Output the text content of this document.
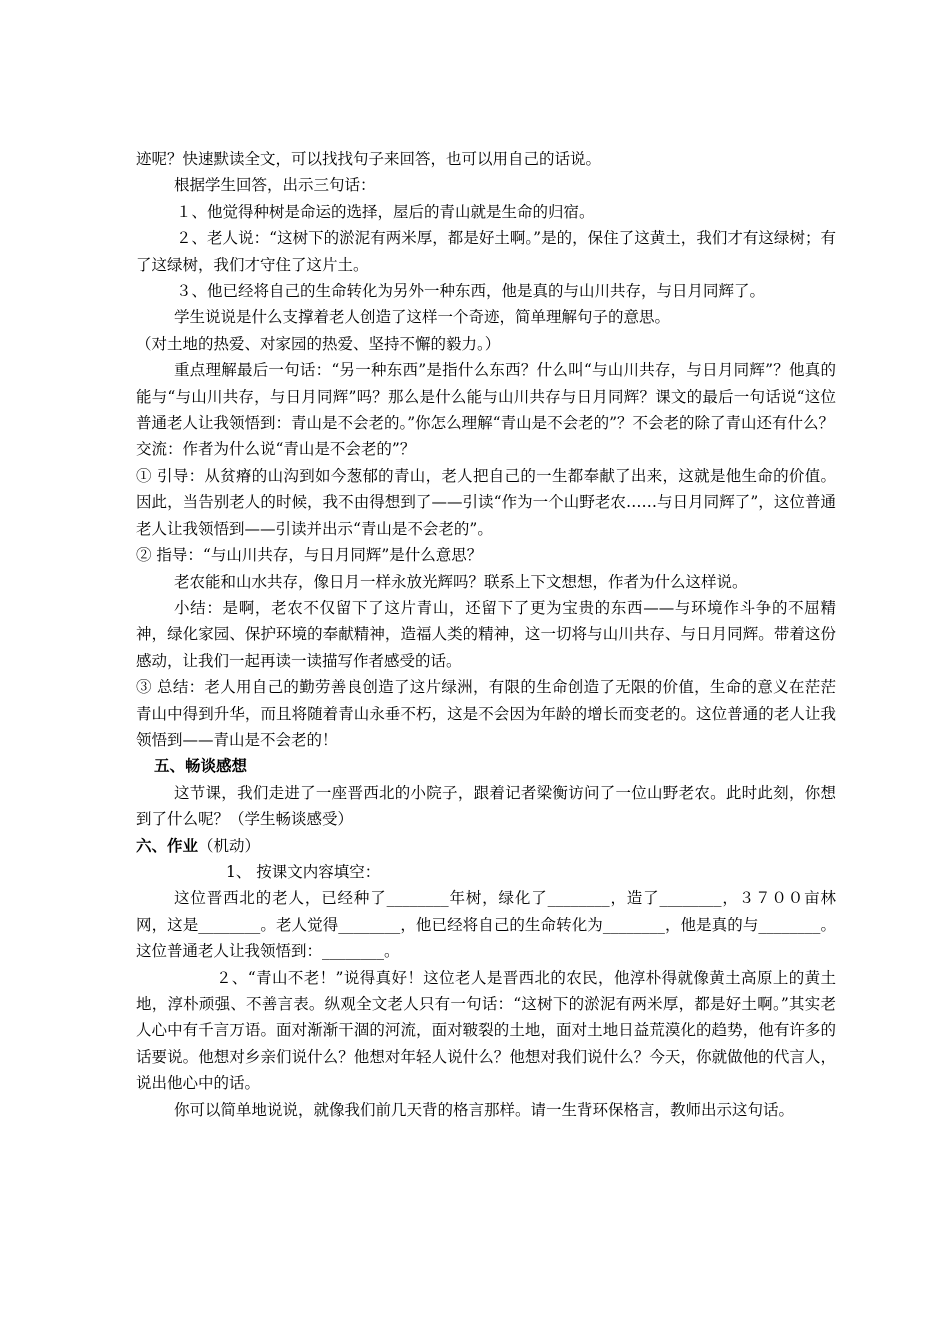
迹呢？快速默读全文，可以找找句子来回答，也可以用自己的话说。

根据学生回答，出示三句话：

１、他觉得种树是命运的选择，屋后的青山就是生命的归宿。

２、老人说：“这树下的淤泥有两米厚，都是好土啊。”是的，保住了这黄土，我们才有这绿树；有了这绿树，我们才守住了这片土。

３、他已经将自己的生命转化为另外一种东西，他是真的与山川共存，与日月同辉了。

学生说说是什么支撑着老人创造了这样一个奇迹，简单理解句子的意思。

（对土地的热爱、对家园的热爱、坚持不懈的毅力。）

重点理解最后一句话：“另一种东西”是指什么东西？什么叫“与山川共存，与日月同辉”？他真的能与“与山川共存，与日月同辉”吗？那么是什么能与山川共存与日月同辉？课文的最后一句话说“这位普通老人让我领悟到：青山是不会老的。”你怎么理解“青山是不会老的”？不会老的除了青山还有什么？

交流：作者为什么说“青山是不会老的”？

① 引导：从贫瘠的山沟到如今葱郁的青山，老人把自己的一生都奉献了出来，这就是他生命的价值。因此，当告别老人的时候，我不由得想到了——引读“作为一个山野老农……与日月同辉了”，这位普通老人让我领悟到——引读并出示“青山是不会老的”。

② 指导：“与山川共存，与日月同辉”是什么意思？

老农能和山水共存，像日月一样永放光辉吗？联系上下文想想，作者为什么这样说。

小结：是啊，老农不仅留下了这片青山，还留下了更为宝贵的东西——与环境作斗争的不屈精神，绿化家园、保护环境的奉献精神，造福人类的精神，这一切将与山川共存、与日月同辉。带着这份感动，让我们一起再读一读描写作者感受的话。

③ 总结：老人用自己的勤劳善良创造了这片绿洲，有限的生命创造了无限的价值，生命的意义在茫茫青山中得到升华，而且将随着青山永垂不朽，这是不会因为年龄的增长而变老的。这位普通的老人让我领悟到——青山是不会老的！

五、畅谈感想

这节课，我们走进了一座晋西北的小院子，跟着记者梁衡访问了一位山野老农。此时此刻，你想到了什么呢？（学生畅谈感受）

六、作业（机动）

1、 按课文内容填空：

这位晋西北的老人，已经种了________年树，绿化了________，造了________，３７００亩林网，这是________。老人觉得________，他已经将自己的生命转化为________，他是真的与________。这位普通老人让我领悟到：________。

２、“青山不老！”说得真好！这位老人是晋西北的农民，他淳朴得就像黄土高原上的黄土地，淳朴顽强、不善言表。纵观全文老人只有一句话：“这树下的淤泥有两米厚，都是好土啊。”其实老人心中有千言万语。面对渐渐干涸的河流，面对皲裂的土地，面对土地日益荒漠化的趋势，他有许多的话要说。他想对乡亲们说什么？他想对年轻人说什么？他想对我们说什么？今天，你就做他的代言人，说出他心中的话。

你可以简单地说说，就像我们前几天背的格言那样。请一生背环保格言，教师出示这句话。
